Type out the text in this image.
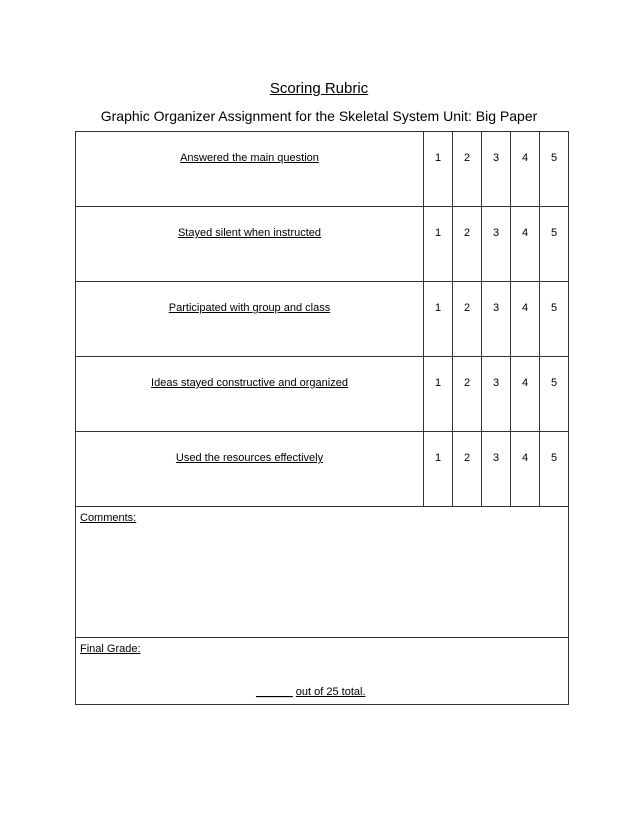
Scoring Rubric

Graphic Organizer Assignment for the Skeletal System Unit: Big Paper

Answered the main question	1	2	3	4	5

Stayed silent when instructed	1	2	3	4	5

Participated with group and class	1	2	3	4	5

Ideas stayed constructive and organized	1	2	3	4	5

Used the resources effectively	1	2	3	4	5

Comments:					

Final Grade:
______ out of 25 total.					
